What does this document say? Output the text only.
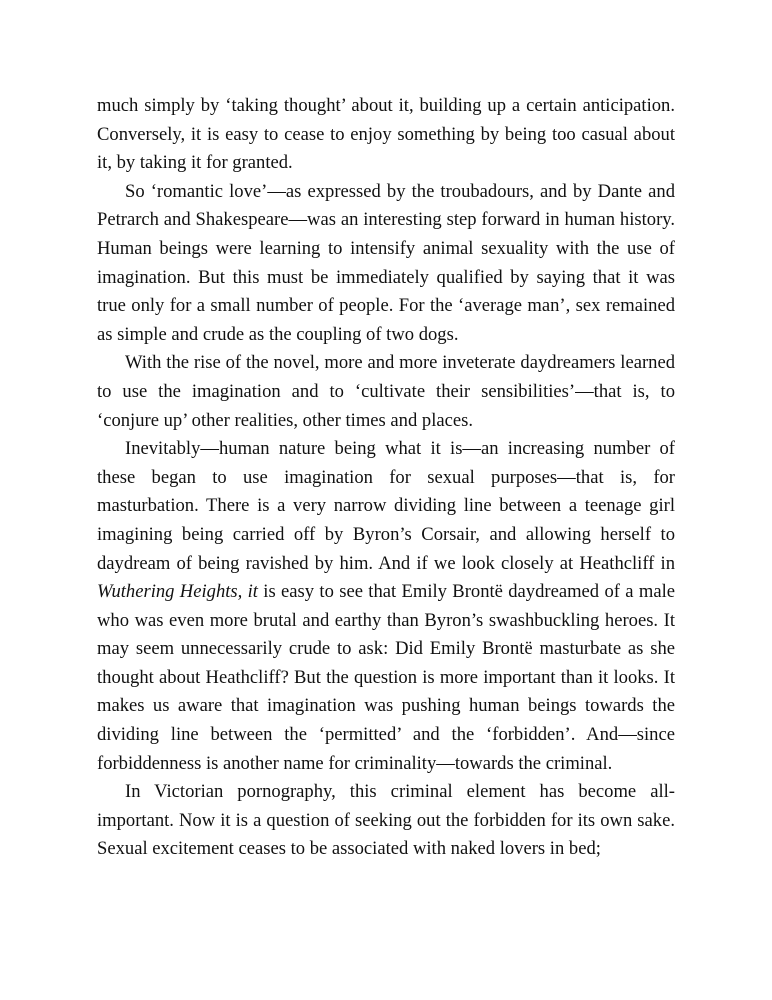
much simply by ‘taking thought’ about it, building up a certain anticipation. Conversely, it is easy to cease to enjoy something by being too casual about it, by taking it for granted.

So ‘romantic love’—as expressed by the troubadours, and by Dante and Petrarch and Shakespeare—was an interesting step forward in human history. Human beings were learning to intensify animal sexuality with the use of imagination. But this must be immediately qualified by saying that it was true only for a small number of people. For the ‘average man’, sex remained as simple and crude as the coupling of two dogs.

With the rise of the novel, more and more inveterate daydreamers learned to use the imagination and to ‘cultivate their sensibilities’—that is, to ‘conjure up’ other realities, other times and places.

Inevitably—human nature being what it is—an increasing number of these began to use imagination for sexual purposes—that is, for masturbation. There is a very narrow dividing line between a teenage girl imagining being carried off by Byron’s Corsair, and allowing herself to daydream of being ravished by him. And if we look closely at Heathcliff in Wuthering Heights, it is easy to see that Emily Brontë daydreamed of a male who was even more brutal and earthy than Byron’s swashbuckling heroes. It may seem unnecessarily crude to ask: Did Emily Brontë masturbate as she thought about Heathcliff? But the question is more important than it looks. It makes us aware that imagination was pushing human beings towards the dividing line between the ‘permitted’ and the ‘forbidden’. And—since forbiddenness is another name for criminality—towards the criminal.

In Victorian pornography, this criminal element has become all-important. Now it is a question of seeking out the forbidden for its own sake. Sexual excitement ceases to be associated with naked lovers in bed;
